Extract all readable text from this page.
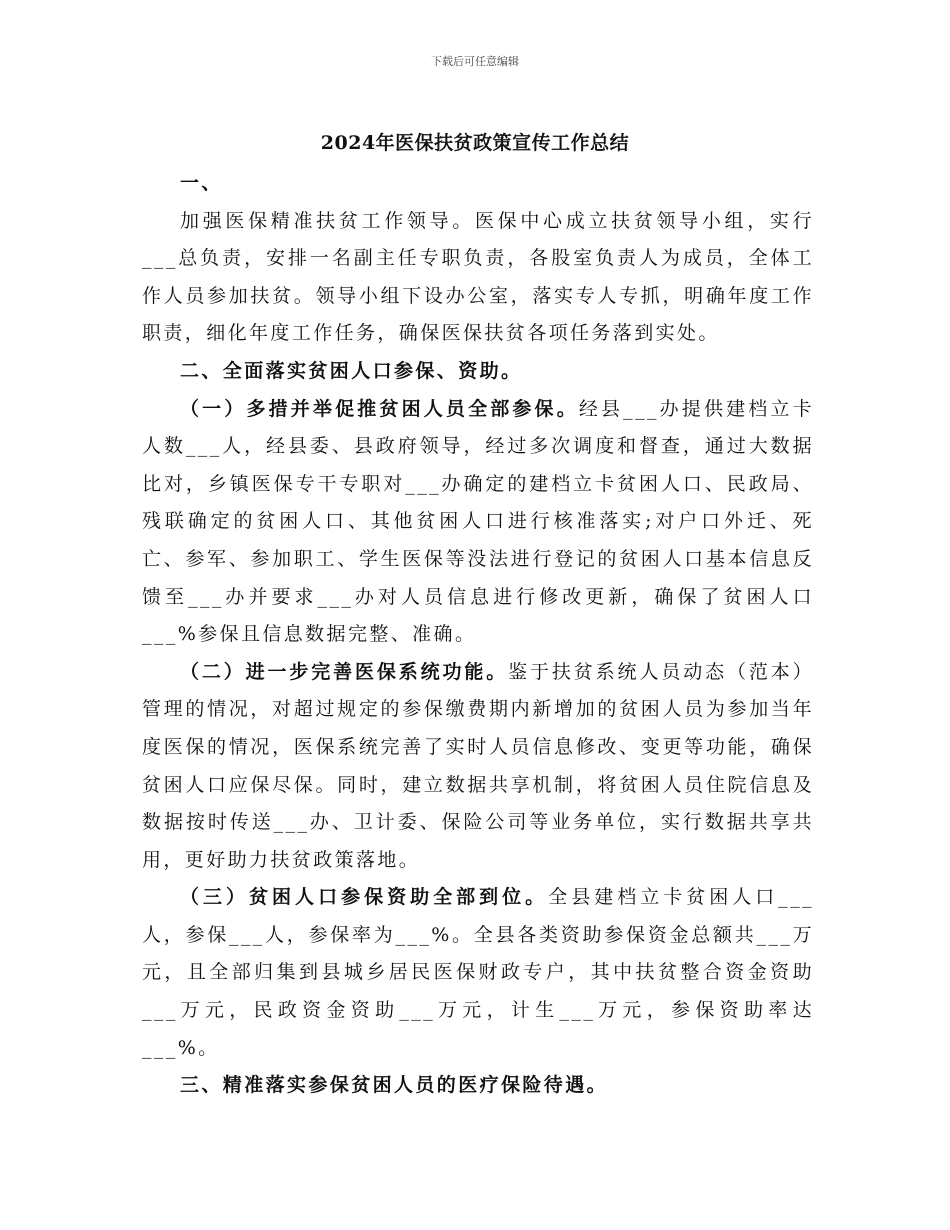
下载后可任意编辑
2024年医保扶贫政策宣传工作总结

一、

加强医保精准扶贫工作领导。医保中心成立扶贫领导小组，实行___总负责，安排一名副主任专职负责，各股室负责人为成员，全体工作人员参加扶贫。领导小组下设办公室，落实专人专抓，明确年度工作职责，细化年度工作任务，确保医保扶贫各项任务落到实处。

二、全面落实贫困人口参保、资助。

（一）多措并举促推贫困人员全部参保。经县___办提供建档立卡人数___人，经县委、县政府领导，经过多次调度和督查，通过大数据比对，乡镇医保专干专职对___办确定的建档立卡贫困人口、民政局、残联确定的贫困人口、其他贫困人口进行核准落实;对户口外迁、死亡、参军、参加职工、学生医保等没法进行登记的贫困人口基本信息反馈至___办并要求___办对人员信息进行修改更新，确保了贫困人口___%参保且信息数据完整、准确。

（二）进一步完善医保系统功能。鉴于扶贫系统人员动态（范本）管理的情况，对超过规定的参保缴费期内新增加的贫困人员为参加当年度医保的情况，医保系统完善了实时人员信息修改、变更等功能，确保贫困人口应保尽保。同时，建立数据共享机制，将贫困人员住院信息及数据按时传送___办、卫计委、保险公司等业务单位，实行数据共享共用，更好助力扶贫政策落地。

（三）贫困人口参保资助全部到位。全县建档立卡贫困人口___人，参保___人，参保率为___%。全县各类资助参保资金总额共___万元，且全部归集到县城乡居民医保财政专户，其中扶贫整合资金资助___万元，民政资金资助___万元，计生___万元，参保资助率达___%。

三、精准落实参保贫困人员的医疗保险待遇。
